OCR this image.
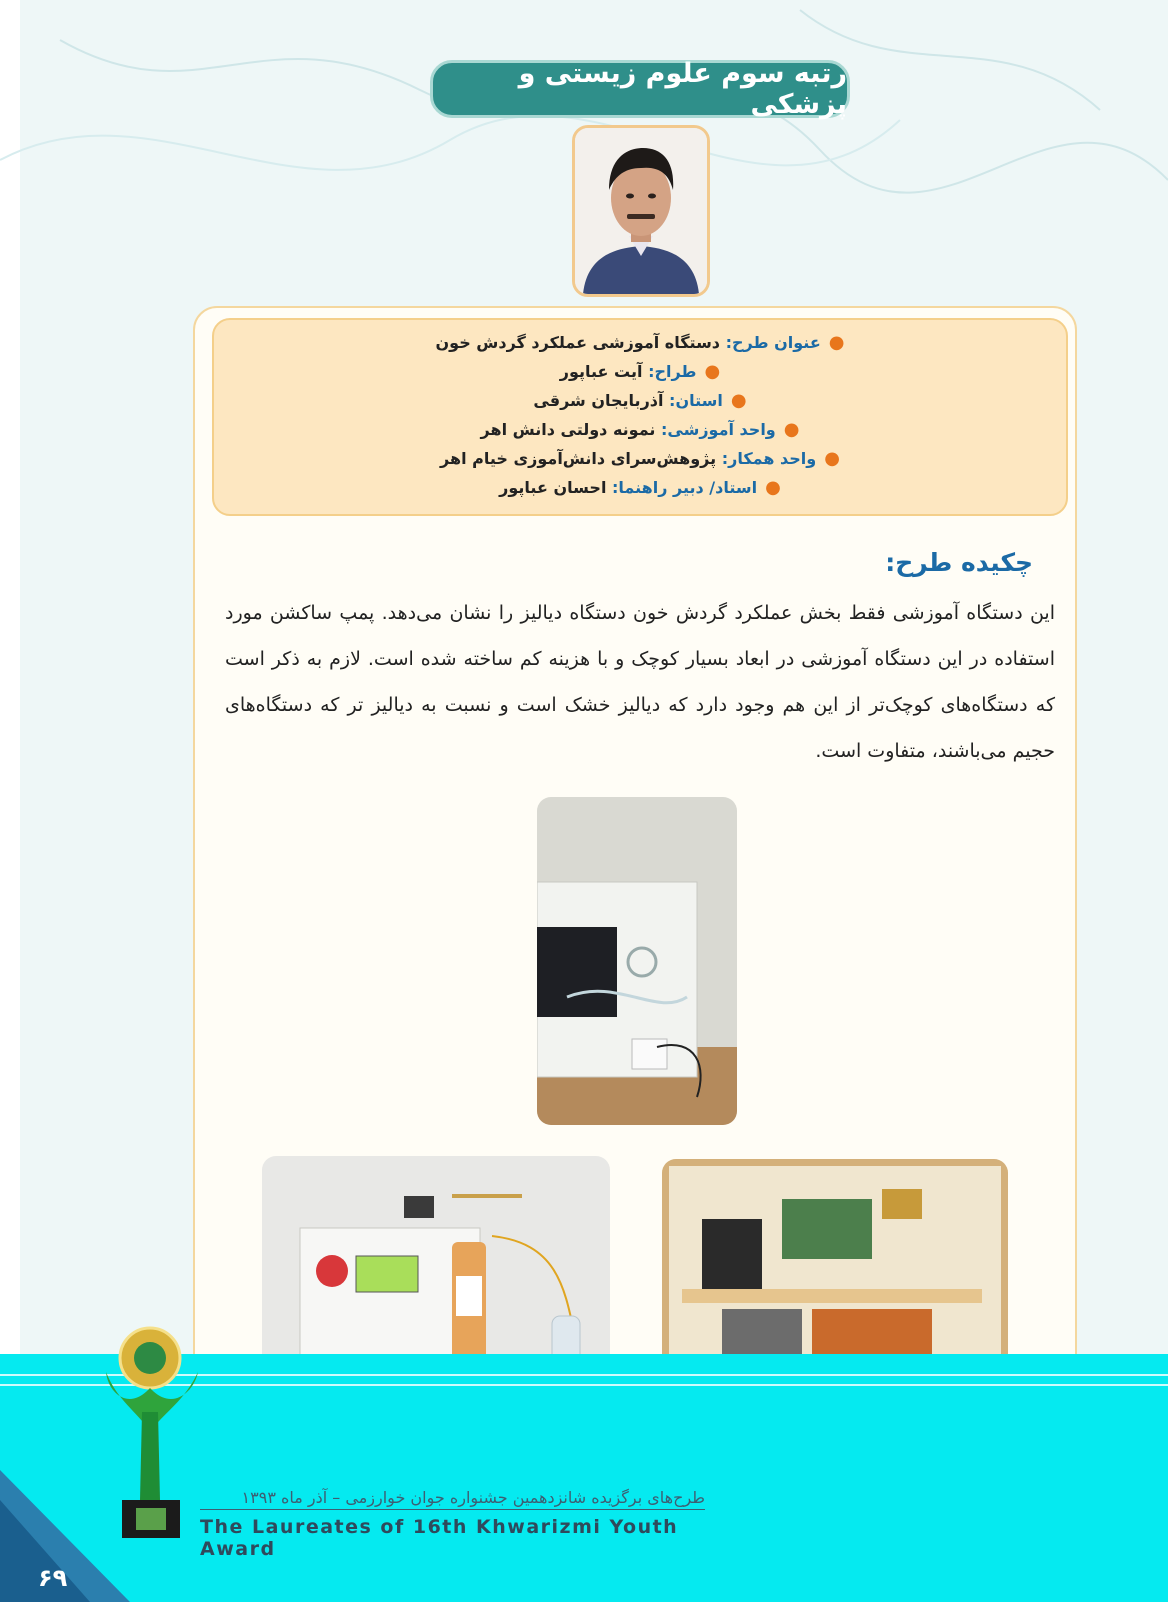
رتبه سوم علوم زیستی و پزشکی
●عنوان طرح: دستگاه آموزشی عملکرد گردش خون
●طراح: آیت عباپور
●استان: آذربایجان شرقی
●واحد آموزشی: نمونه دولتی دانش اهر
●واحد همکار: پژوهش‌سرای دانش‌آموزی خیام اهر
●استاد/ دبیر راهنما: احسان عباپور
چکیده طرح:
این دستگاه آموزشی فقط بخش عملکرد گردش خون دستگاه دیالیز را نشان می‌دهد. پمپ ساکشن مورد استفاده در این دستگاه آموزشی در ابعاد بسیار کوچک و با هزینه کم ساخته شده است. لازم به ذکر است که دستگاه‌های کوچک‌تر از این هم وجود دارد که دیالیز خشک است و نسبت به دیالیز تر که دستگاه‌های حجیم می‌باشند، متفاوت است.
طرح‌های برگزیده شانزدهمین جشنواره جوان خوارزمی – آذر ماه ۱۳۹۳
The Laureates of 16th Khwarizmi Youth Award
۶۹
